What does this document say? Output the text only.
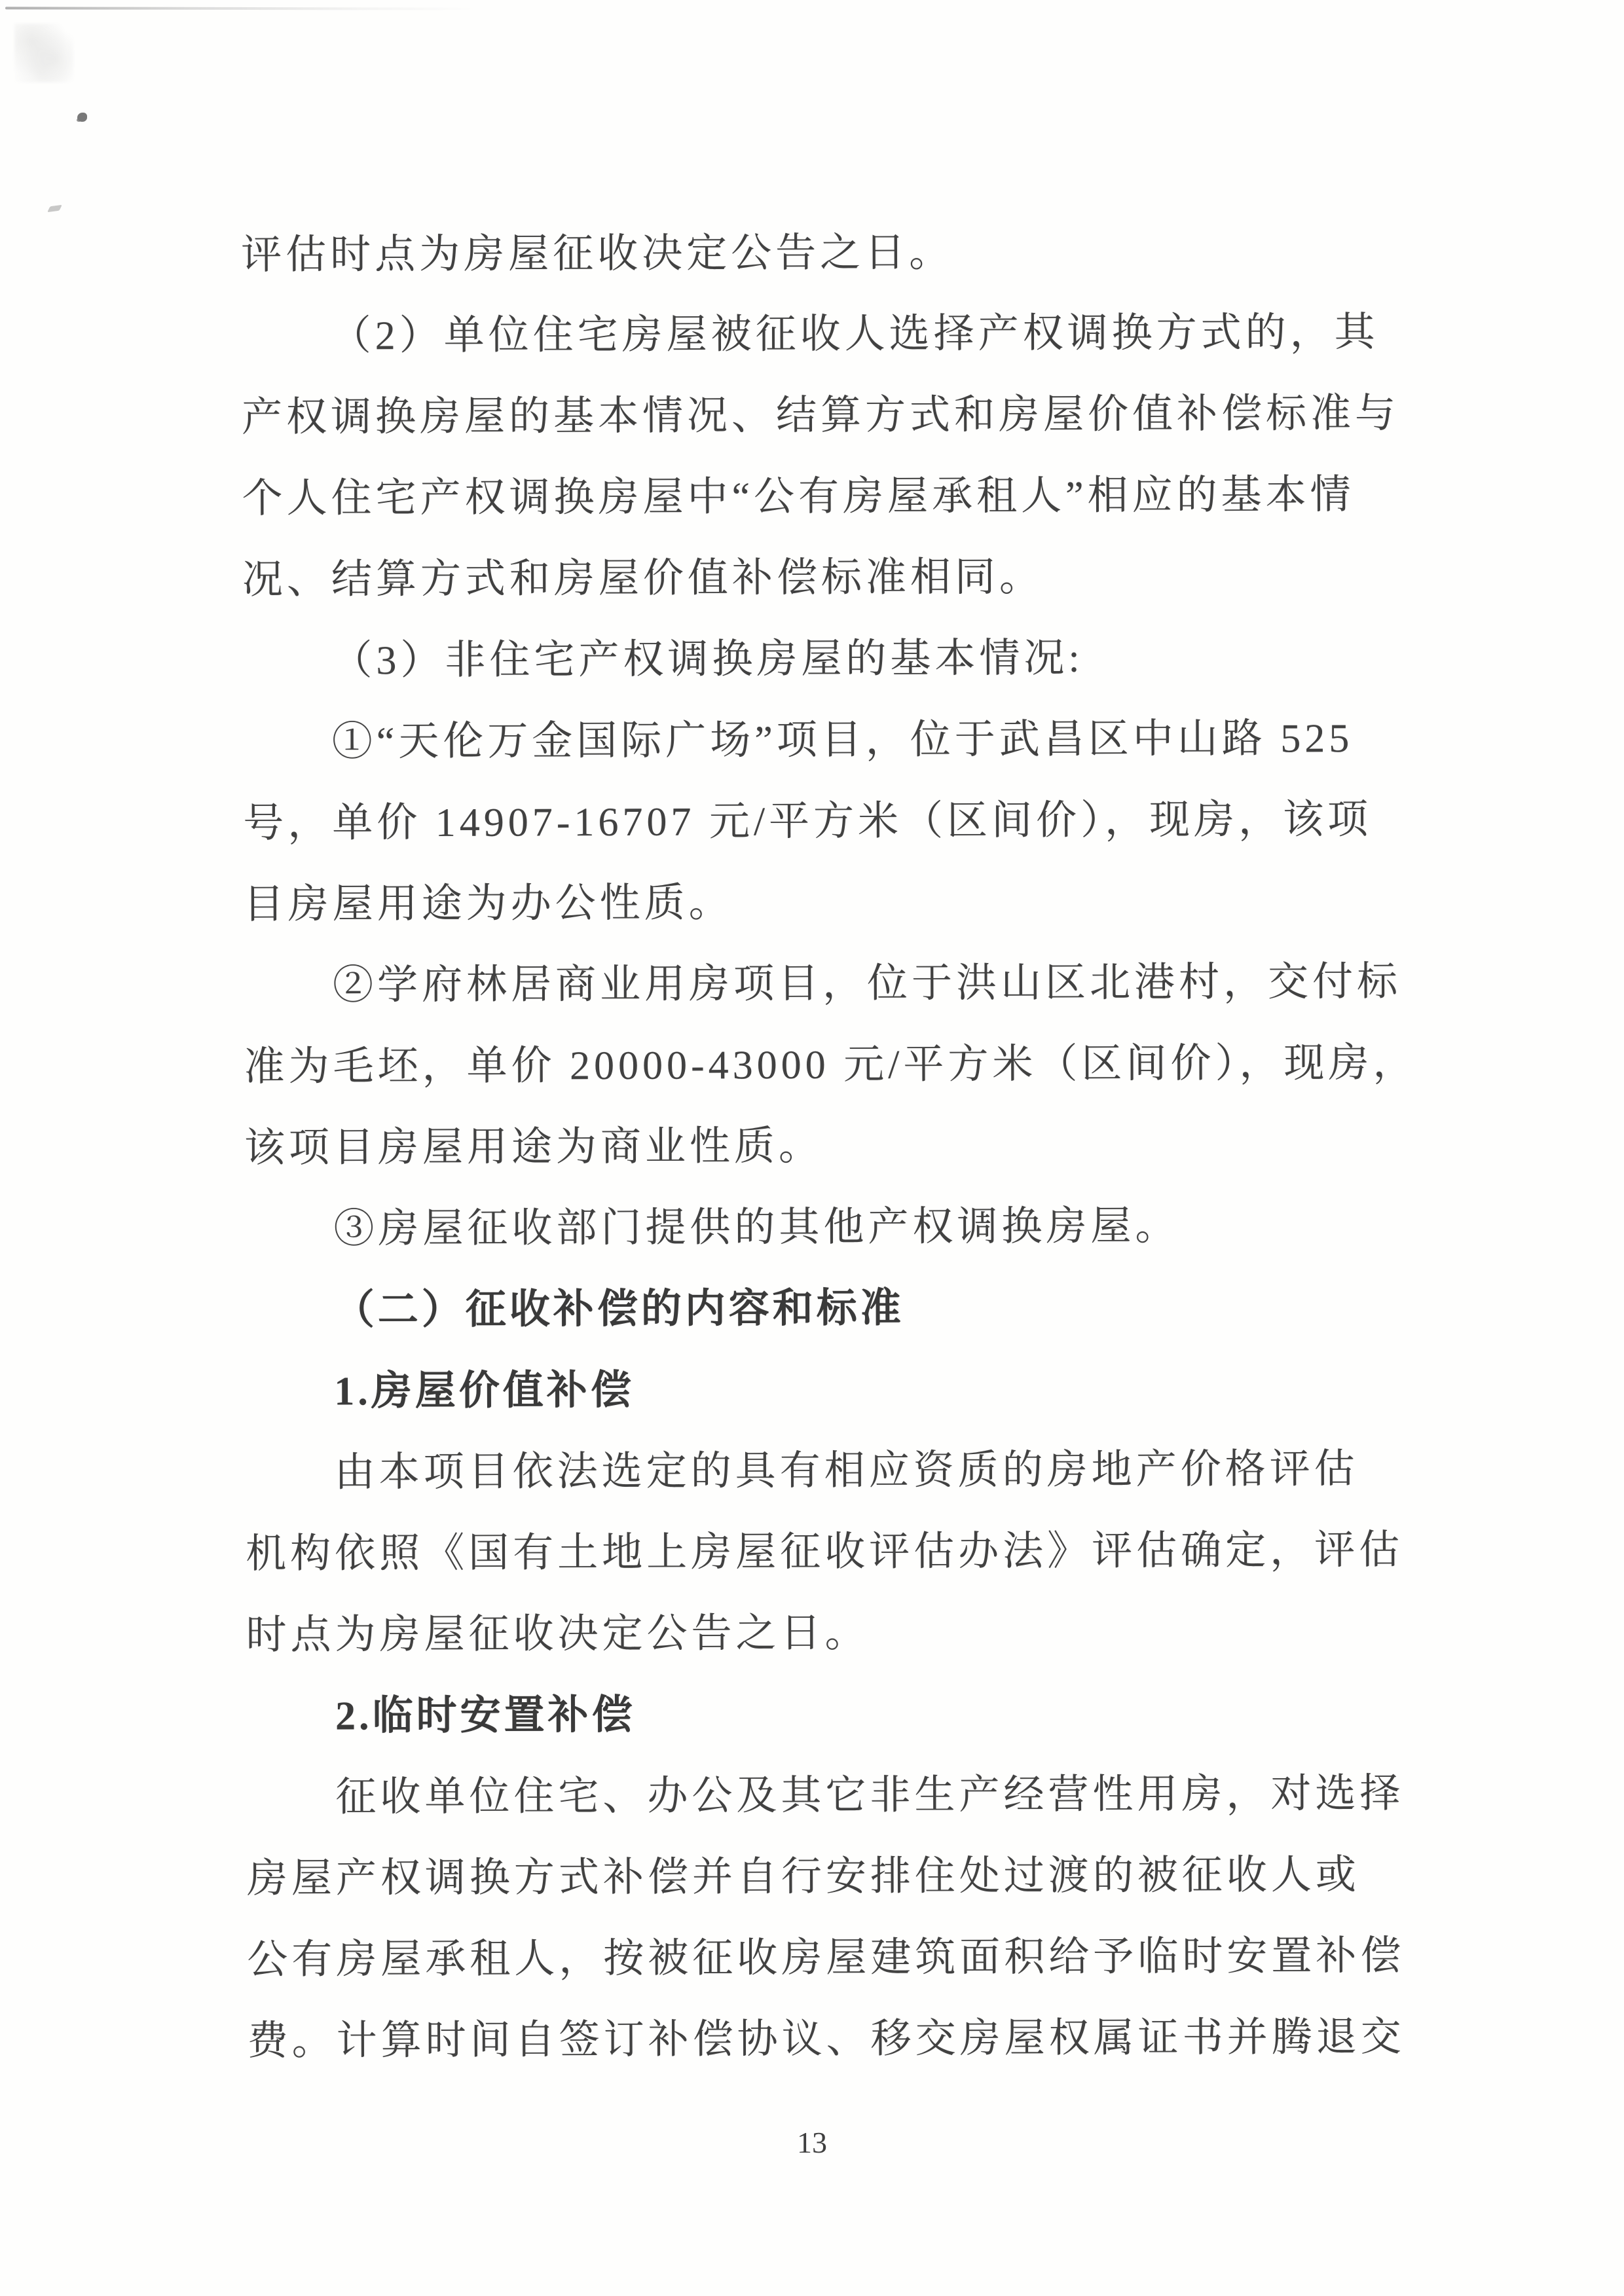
评估时点为房屋征收决定公告之日。
（2）单位住宅房屋被征收人选择产权调换方式的，其
产权调换房屋的基本情况、结算方式和房屋价值补偿标准与
个人住宅产权调换房屋中“公有房屋承租人”相应的基本情
况、结算方式和房屋价值补偿标准相同。
（3）非住宅产权调换房屋的基本情况:
①“天伦万金国际广场”项目，位于武昌区中山路 525
号，单价 14907-16707 元/平方米（区间价），现房，该项
目房屋用途为办公性质。
②学府林居商业用房项目，位于洪山区北港村，交付标
准为毛坯，单价 20000-43000 元/平方米（区间价），现房，
该项目房屋用途为商业性质。
③房屋征收部门提供的其他产权调换房屋。
（二）征收补偿的内容和标准
1.房屋价值补偿
由本项目依法选定的具有相应资质的房地产价格评估
机构依照《国有土地上房屋征收评估办法》评估确定，评估
时点为房屋征收决定公告之日。
2.临时安置补偿
征收单位住宅、办公及其它非生产经营性用房，对选择
房屋产权调换方式补偿并自行安排住处过渡的被征收人或
公有房屋承租人，按被征收房屋建筑面积给予临时安置补偿
费。计算时间自签订补偿协议、移交房屋权属证书并腾退交
13
